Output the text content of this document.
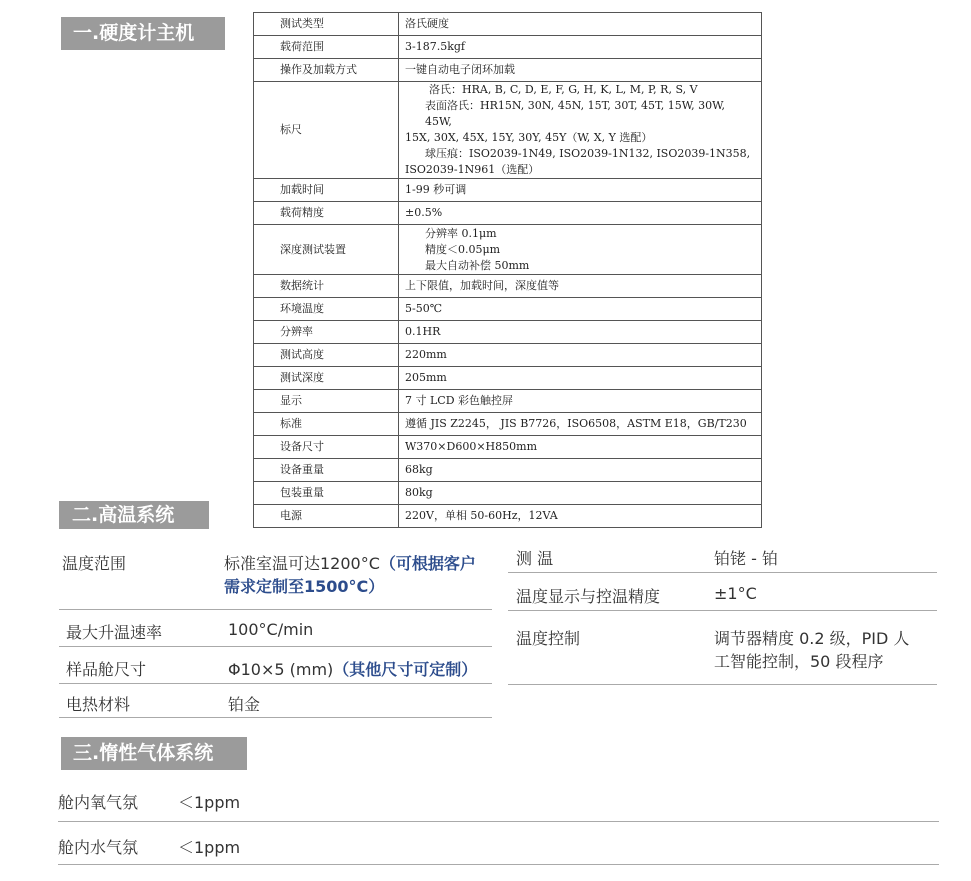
一.硬度计主机	测试类型	洛氏硬度

载荷范围	3-187.5kgf

操作及加载方式	一键自动电子闭环加载

标尺	洛氏：HRA, B, C, D, E, F, G, H, K, L, M, P, R, S, V
表面洛氏：HR15N, 30N, 45N, 15T, 30T, 45T, 15W, 30W, 45W,
15X, 30X, 45X, 15Y, 30Y, 45Y（W, X, Y 选配）
球压痕：ISO2039-1N49, ISO2039-1N132, ISO2039-1N358,
ISO2039-1N961（选配）

加载时间	1-99 秒可调

载荷精度	±0.5%

深度测试装置	分辨率 0.1μm
精度＜0.05μm
最大自动补偿 50mm

数据统计	上下限值，加载时间，深度值等

环境温度	5-50℃

分辨率	0.1HR

测试高度	220mm

测试深度	205mm

显示	7 寸 LCD 彩色触控屏

标准	遵循 JIS Z2245， JIS B7726，ISO6508，ASTM E18，GB/T230

设备尺寸	W370×D600×H850mm

设备重量	68kg

包装重量	80kg

电源	220V，单相 50-60Hz，12VA
二.高温系统
温度范围	标准室温可达1200°C（可根据客户
需求定制至1500°C）
最大升温速率	100°C/min
样品舱尺寸	Φ10×5 (mm)（其他尺寸可定制）
电热材料	铂金
测 温	铂铑 - 铂
温度显示与控温精度	±1°C
温度控制	调节器精度 0.2 级，PID 人
工智能控制，50 段程序
三.惰性气体系统
舱内氧气氛 ＜1ppm
舱内水气氛 ＜1ppm
